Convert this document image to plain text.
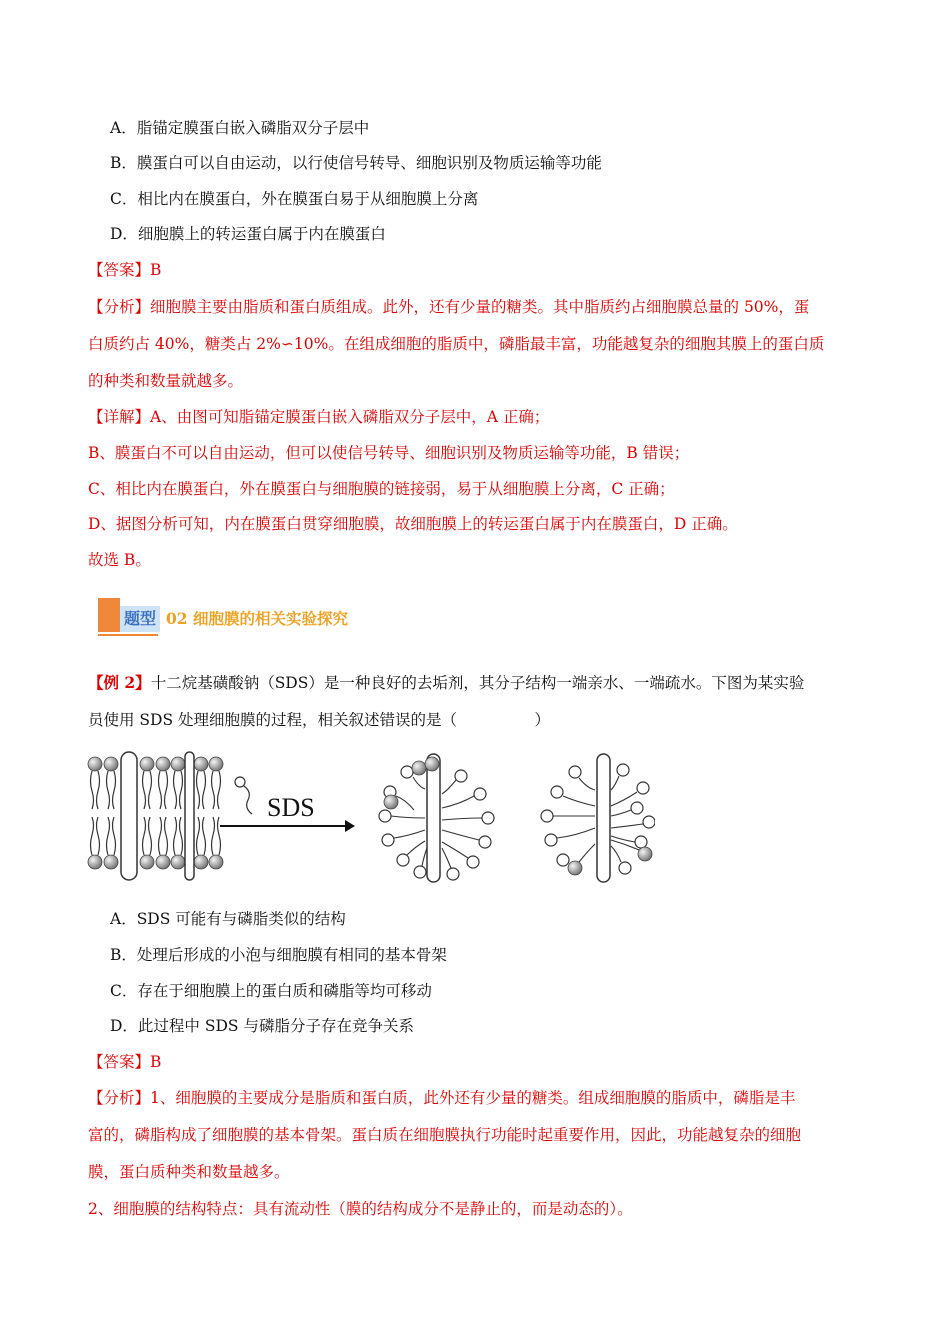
A．脂锚定膜蛋白嵌入磷脂双分子层中
B．膜蛋白可以自由运动，以行使信号转导、细胞识别及物质运输等功能
C．相比内在膜蛋白，外在膜蛋白易于从细胞膜上分离
D．细胞膜上的转运蛋白属于内在膜蛋白
【答案】B
【分析】细胞膜主要由脂质和蛋白质组成。此外，还有少量的糖类。其中脂质约占细胞膜总量的 50%，蛋
白质约占 40%，糖类占 2%∽10%。在组成细胞的脂质中，磷脂最丰富，功能越复杂的细胞其膜上的蛋白质
的种类和数量就越多。
【详解】A、由图可知脂锚定膜蛋白嵌入磷脂双分子层中，A 正确；
B、膜蛋白不可以自由运动，但可以使信号转导、细胞识别及物质运输等功能，B 错误；
C、相比内在膜蛋白，外在膜蛋白与细胞膜的链接弱，易于从细胞膜上分离，C 正确；
D、据图分析可知，内在膜蛋白贯穿细胞膜，故细胞膜上的转运蛋白属于内在膜蛋白，D 正确。
故选 B。
题型 02 细胞膜的相关实验探究
【例 2】十二烷基磺酸钠（SDS）是一种良好的去垢剂，其分子结构一端亲水、一端疏水。下图为某实验
员使用 SDS 处理细胞膜的过程，相关叙述错误的是（　　　　　）
SDS
A．SDS 可能有与磷脂类似的结构
B．处理后形成的小泡与细胞膜有相同的基本骨架
C．存在于细胞膜上的蛋白质和磷脂等均可移动
D．此过程中 SDS 与磷脂分子存在竞争关系
【答案】B
【分析】1、细胞膜的主要成分是脂质和蛋白质，此外还有少量的糖类。组成细胞膜的脂质中，磷脂是丰
富的，磷脂构成了细胞膜的基本骨架。蛋白质在细胞膜执行功能时起重要作用，因此，功能越复杂的细胞
膜，蛋白质种类和数量越多。
2、细胞膜的结构特点：具有流动性（膜的结构成分不是静止的，而是动态的）。
